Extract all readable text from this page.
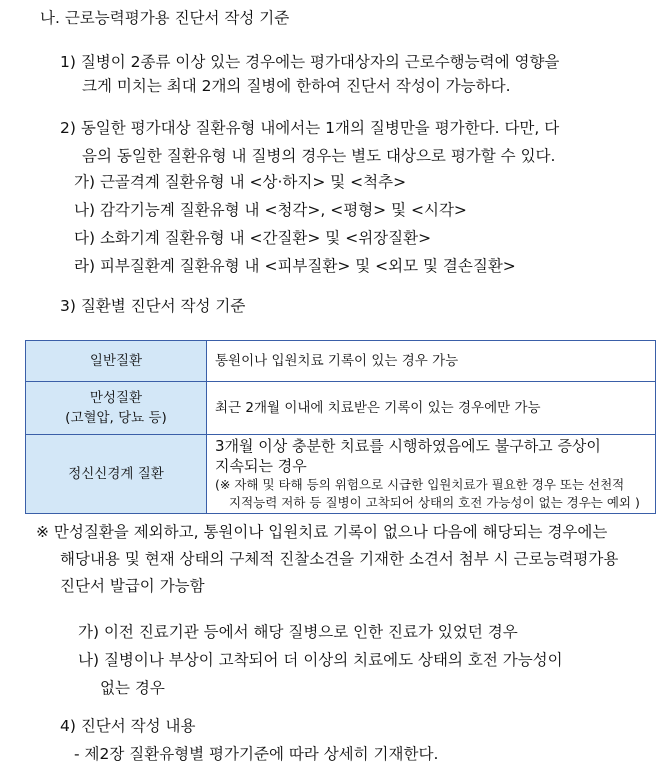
나. 근로능력평가용 진단서 작성 기준
1) 질병이 2종류 이상 있는 경우에는 평가대상자의 근로수행능력에 영향을
크게 미치는 최대 2개의 질병에 한하여 진단서 작성이 가능하다.
2) 동일한 평가대상 질환유형 내에서는 1개의 질병만을 평가한다. 다만, 다
음의 동일한 질환유형 내 질병의 경우는 별도 대상으로 평가할 수 있다.
가) 근골격계 질환유형 내 <상·하지> 및 <척추>
나) 감각기능계 질환유형 내 <청각>, <평형> 및 <시각>
다) 소화기계 질환유형 내 <간질환> 및 <위장질환>
라) 피부질환계 질환유형 내 <피부질환> 및 <외모 및 결손질환>
3) 질환별 진단서 작성 기준
일반질환	통원이나 입원치료 기록이 있는 경우 가능

만성질환
(고혈압, 당뇨 등)	최근 2개월 이내에 치료받은 기록이 있는 경우에만 가능
정신신경계 질환	3개월 이상 충분한 치료를 시행하였음에도 불구하고 증상이
지속되는 경우
(※ 자해 및 타해 등의 위험으로 시급한 입원치료가 필요한 경우 또는 선천적
지적능력 저하 등 질병이 고착되어 상태의 호전 가능성이 없는 경우는 예외 )
※ 만성질환을 제외하고, 통원이나 입원치료 기록이 없으나 다음에 해당되는 경우에는
해당내용 및 현재 상태의 구체적 진찰소견을 기재한 소견서 첨부 시 근로능력평가용
진단서 발급이 가능함
가) 이전 진료기관 등에서 해당 질병으로 인한 진료가 있었던 경우
나) 질병이나 부상이 고착되어 더 이상의 치료에도 상태의 호전 가능성이
없는 경우
4) 진단서 작성 내용
- 제2장 질환유형별 평가기준에 따라 상세히 기재한다.
